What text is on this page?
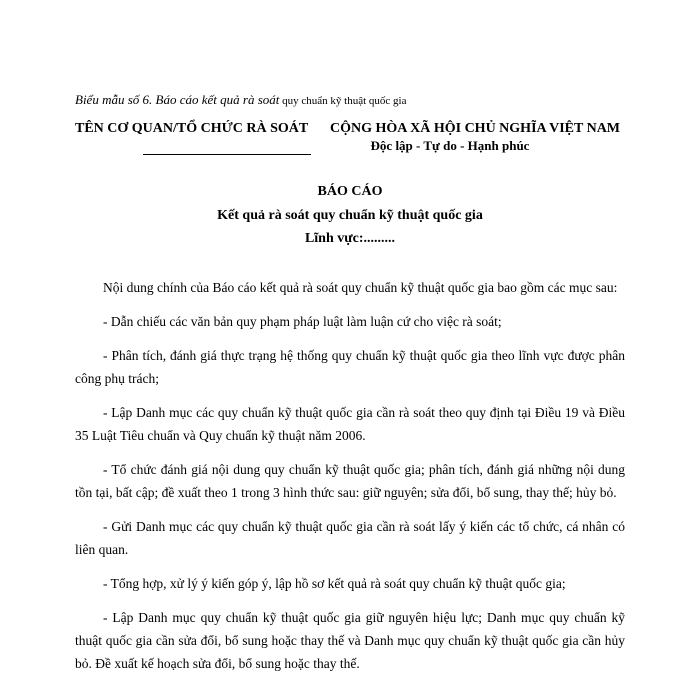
Biểu mẫu số 6. Báo cáo kết quả rà soát quy chuẩn kỹ thuật quốc gia
TÊN CƠ QUAN/TỔ CHỨC RÀ SOÁT CỘNG HÒA XÃ HỘI CHỦ NGHĨA VIỆT NAM
Độc lập - Tự do - Hạnh phúc
BÁO CÁO
Kết quả rà soát quy chuẩn kỹ thuật quốc gia
Lĩnh vực:.........

Nội dung chính của Báo cáo kết quả rà soát quy chuẩn kỹ thuật quốc gia bao gồm các mục sau:

- Dẫn chiếu các văn bản quy phạm pháp luật làm luận cứ cho việc rà soát;

- Phân tích, đánh giá thực trạng hệ thống quy chuẩn kỹ thuật quốc gia theo lĩnh vực được phân công phụ trách;

- Lập Danh mục các quy chuẩn kỹ thuật quốc gia cần rà soát theo quy định tại Điều 19 và Điều 35 Luật Tiêu chuẩn và Quy chuẩn kỹ thuật năm 2006.

- Tổ chức đánh giá nội dung quy chuẩn kỹ thuật quốc gia; phân tích, đánh giá những nội dung tồn tại, bất cập; đề xuất theo 1 trong 3 hình thức sau: giữ nguyên; sửa đổi, bổ sung, thay thế; hủy bỏ.

- Gửi Danh mục các quy chuẩn kỹ thuật quốc gia cần rà soát lấy ý kiến các tổ chức, cá nhân có liên quan.

- Tổng hợp, xử lý ý kiến góp ý, lập hồ sơ kết quả rà soát quy chuẩn kỹ thuật quốc gia;

- Lập Danh mục quy chuẩn kỹ thuật quốc gia giữ nguyên hiệu lực; Danh mục quy chuẩn kỹ thuật quốc gia cần sửa đổi, bổ sung hoặc thay thế và Danh mục quy chuẩn kỹ thuật quốc gia cần hủy bỏ. Đề xuất kế hoạch sửa đổi, bổ sung hoặc thay thế.
